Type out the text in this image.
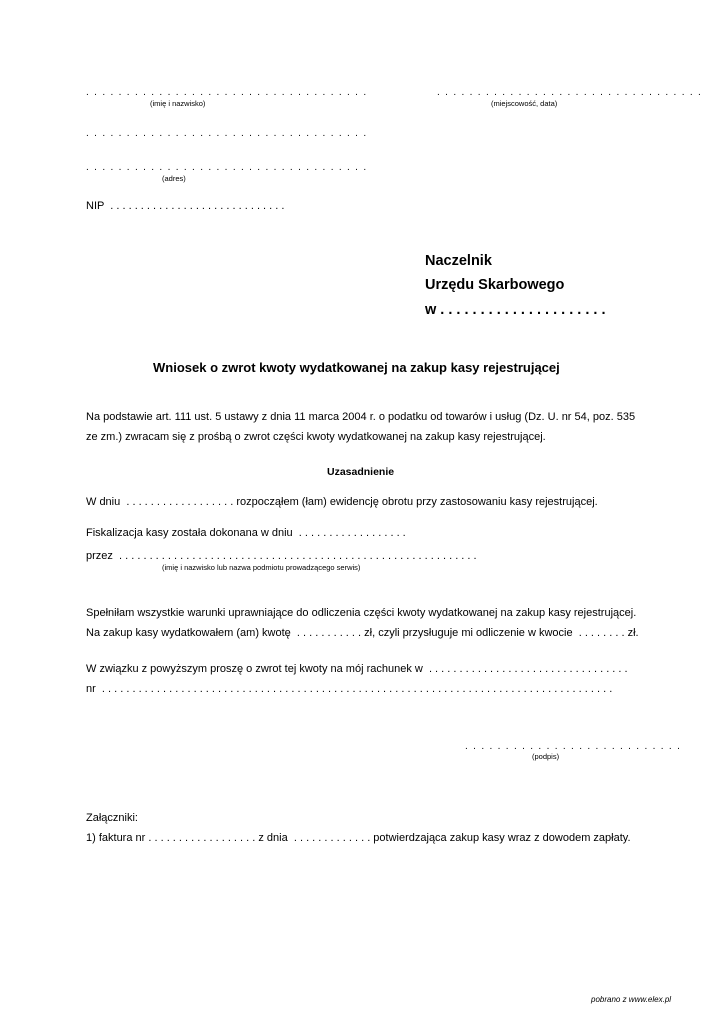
. . . . . . . . . . . . . . . . . . . . . . . . . . . . . . . . . . .
(imię i nazwisko)
. . . . . . . . . . . . . . . . . . . . . . . . . . . . . . . . .
(miejscowość, data)
. . . . . . . . . . . . . . . . . . . . . . . . . . . . . . . . . . .
. . . . . . . . . . . . . . . . . . . . . . . . . . . . . . . . . . .
(adres)
NIP  . . . . . . . . . . . . . . . . . . . . . . . . . . . . .
Naczelnik
Urzędu Skarbowego
w . . . . . . . . . . . . . . . . . . . . .
Wniosek o zwrot kwoty wydatkowanej na zakup kasy rejestrującej
Na podstawie art. 111 ust. 5 ustawy z dnia 11 marca 2004 r. o podatku od towarów i usług (Dz. U. nr 54, poz. 535
ze zm.) zwracam się z prośbą o zwrot części kwoty wydatkowanej na zakup kasy rejestrującej.
Uzasadnienie
W dniu  . . . . . . . . . . . . . . . . . . rozpocząłem (łam) ewidencję obrotu przy zastosowaniu kasy rejestrującej.
Fiskalizacja kasy została dokonana w dniu  . . . . . . . . . . . . . . . . . .
przez  . . . . . . . . . . . . . . . . . . . . . . . . . . . . . . . . . . . . . . . . . . . . . . . . . . . . . . . . . . .
(imię i nazwisko lub nazwa podmiotu prowadzącego serwis)
Spełniłam wszystkie warunki uprawniające do odliczenia części kwoty wydatkowanej na zakup kasy rejestrującej.
Na zakup kasy wydatkowałem (am) kwotę  . . . . . . . . . . . zł, czyli przysługuje mi odliczenie w kwocie  . . . . . . . . zł.
W związku z powyższym proszę o zwrot tej kwoty na mój rachunek w  . . . . . . . . . . . . . . . . . . . . . . . . . . . . . . . . .
nr  . . . . . . . . . . . . . . . . . . . . . . . . . . . . . . . . . . . . . . . . . . . . . . . . . . . . . . . . . . . . . . . . . . . . . . . . . . . . . . . . . . . .
. . . . . . . . . . . . . . . . . . . . . . . . . . .
(podpis)
Załączniki:
1) faktura nr . . . . . . . . . . . . . . . . . . z dnia  . . . . . . . . . . . . . potwierdzająca zakup kasy wraz z dowodem zapłaty.
pobrano z www.elex.pl
